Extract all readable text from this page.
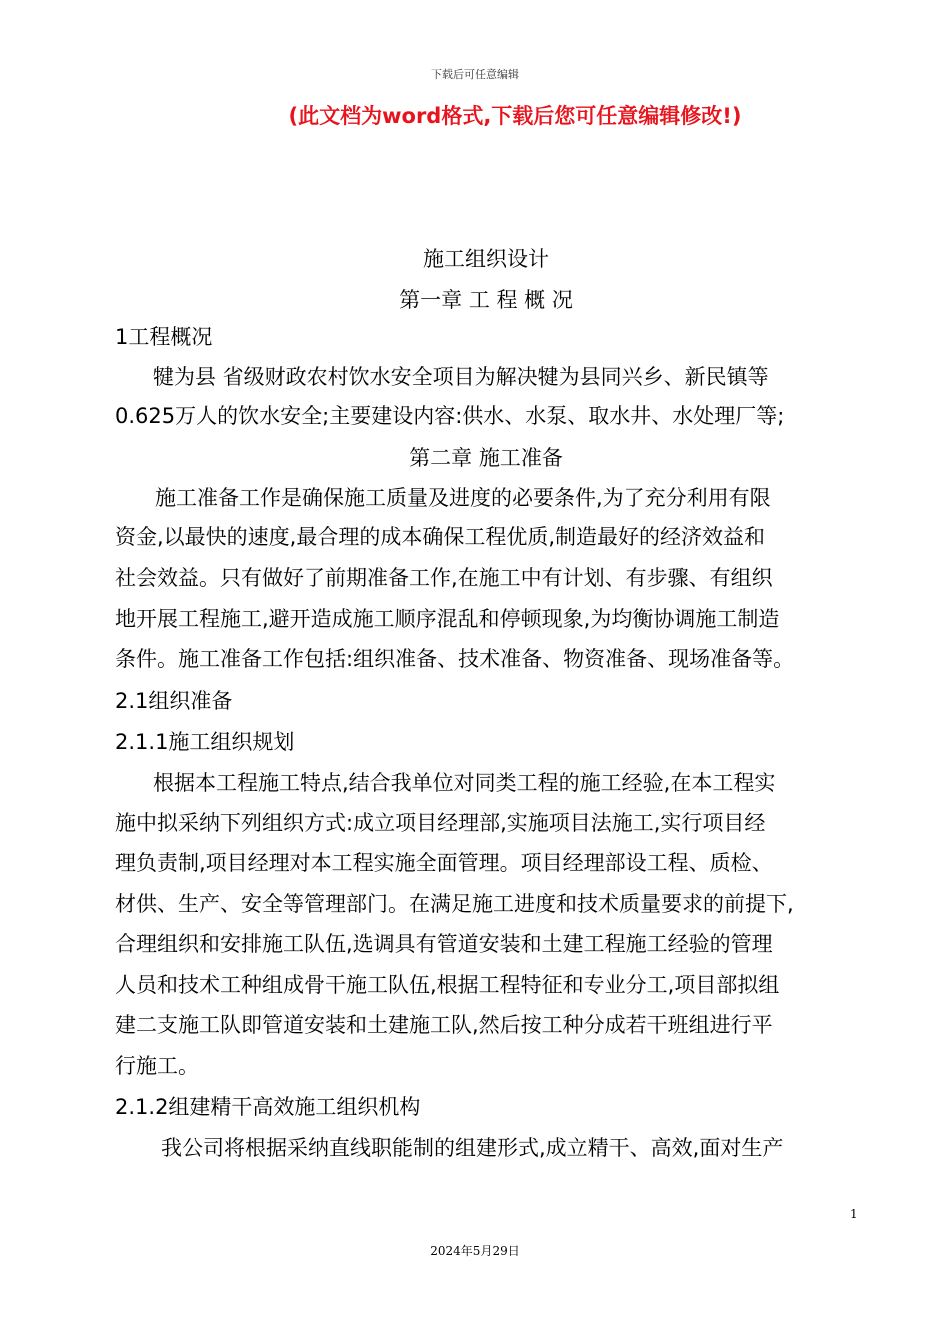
下载后可任意编辑
(此文档为word格式,下载后您可任意编辑修改!)
施工组织设计
第一章 工 程 概 况
1工程概况
犍为县 省级财政农村饮水安全项目为解决犍为县同兴乡、新民镇等
0.625万人的饮水安全;主要建设内容:供水、水泵、取水井、水处理厂等;
第二章 施工准备
施工准备工作是确保施工质量及进度的必要条件,为了充分利用有限
资金,以最快的速度,最合理的成本确保工程优质,制造最好的经济效益和
社会效益。只有做好了前期准备工作,在施工中有计划、有步骤、有组织
地开展工程施工,避开造成施工顺序混乱和停顿现象,为均衡协调施工制造
条件。施工准备工作包括:组织准备、技术准备、物资准备、现场准备等。
2.1组织准备
2.1.1施工组织规划
根据本工程施工特点,结合我单位对同类工程的施工经验,在本工程实
施中拟采纳下列组织方式:成立项目经理部,实施项目法施工,实行项目经
理负责制,项目经理对本工程实施全面管理。项目经理部设工程、质检、
材供、生产、安全等管理部门。在满足施工进度和技术质量要求的前提下,
合理组织和安排施工队伍,选调具有管道安装和土建工程施工经验的管理
人员和技术工种组成骨干施工队伍,根据工程特征和专业分工,项目部拟组
建二支施工队即管道安装和土建施工队,然后按工种分成若干班组进行平
行施工。
2.1.2组建精干高效施工组织机构
我公司将根据采纳直线职能制的组建形式,成立精干、高效,面对生产
1
2024年5月29日
